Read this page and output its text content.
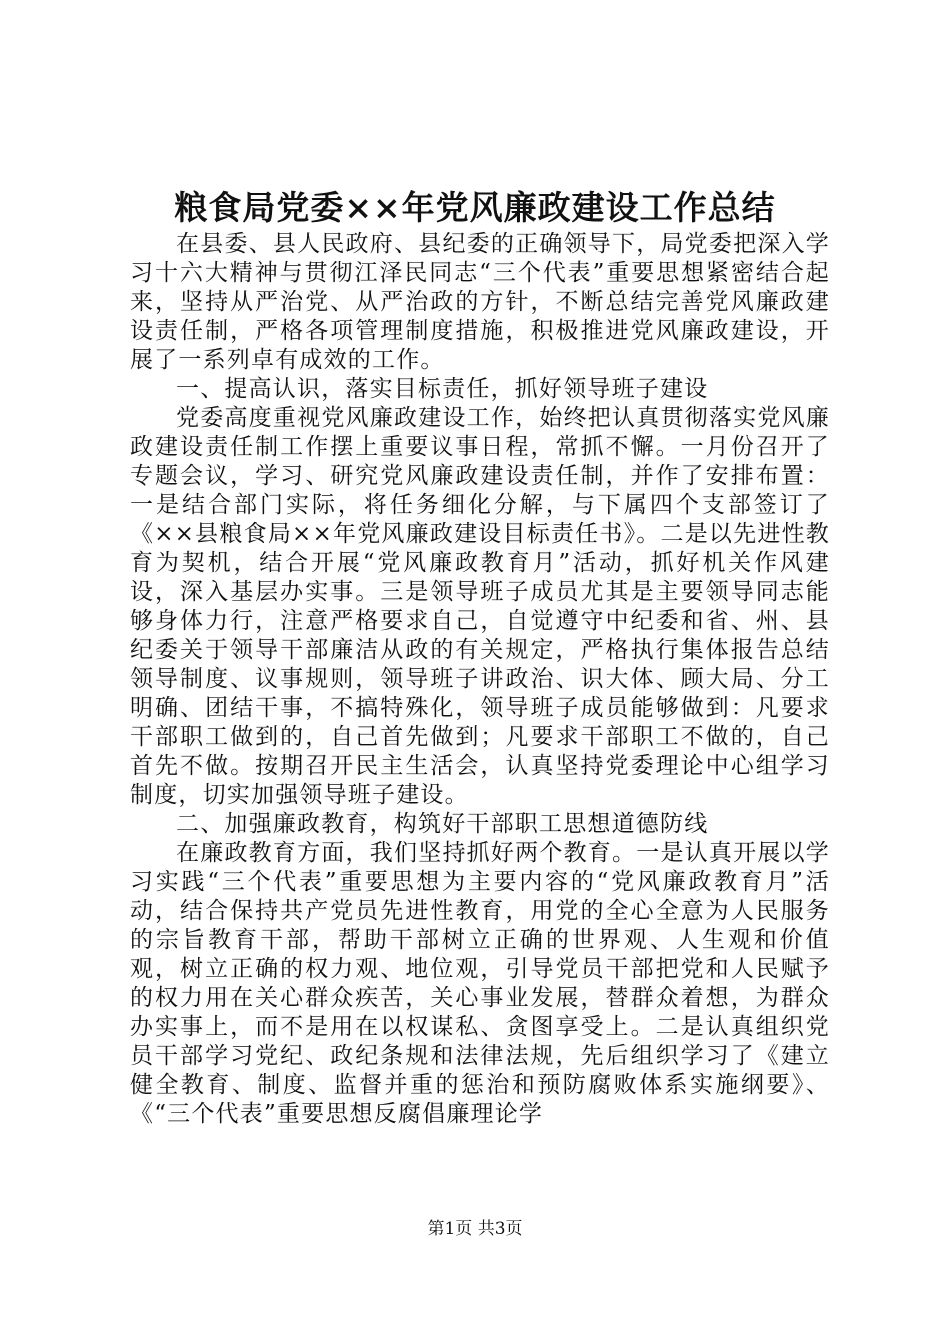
粮食局党委××年党风廉政建设工作总结

在县委、县人民政府、县纪委的正确领导下，局党委把深入学习十六大精神与贯彻江泽民同志“三个代表”重要思想紧密结合起来，坚持从严治党、从严治政的方针，不断总结完善党风廉政建设责任制，严格各项管理制度措施，积极推进党风廉政建设，开展了一系列卓有成效的工作。

一、提高认识，落实目标责任，抓好领导班子建设

党委高度重视党风廉政建设工作，始终把认真贯彻落实党风廉政建设责任制工作摆上重要议事日程，常抓不懈。一月份召开了专题会议，学习、研究党风廉政建设责任制，并作了安排布置：一是结合部门实际，将任务细化分解，与下属四个支部签订了《××县粮食局××年党风廉政建设目标责任书》。二是以先进性教育为契机，结合开展“党风廉政教育月”活动，抓好机关作风建设，深入基层办实事。三是领导班子成员尤其是主要领导同志能够身体力行，注意严格要求自己，自觉遵守中纪委和省、州、县纪委关于领导干部廉洁从政的有关规定，严格执行集体报告总结领导制度、议事规则，领导班子讲政治、识大体、顾大局、分工明确、团结干事，不搞特殊化，领导班子成员能够做到：凡要求干部职工做到的，自己首先做到；凡要求干部职工不做的，自己首先不做。按期召开民主生活会，认真坚持党委理论中心组学习制度，切实加强领导班子建设。

二、加强廉政教育，构筑好干部职工思想道德防线

在廉政教育方面，我们坚持抓好两个教育。一是认真开展以学习实践“三个代表”重要思想为主要内容的“党风廉政教育月”活动，结合保持共产党员先进性教育，用党的全心全意为人民服务的宗旨教育干部，帮助干部树立正确的世界观、人生观和价值观，树立正确的权力观、地位观，引导党员干部把党和人民赋予的权力用在关心群众疾苦，关心事业发展，替群众着想，为群众办实事上，而不是用在以权谋私、贪图享受上。二是认真组织党员干部学习党纪、政纪条规和法律法规，先后组织学习了《建立健全教育、制度、监督并重的惩治和预防腐败体系实施纲要》、《“三个代表”重要思想反腐倡廉理论学

第1页 共3页
